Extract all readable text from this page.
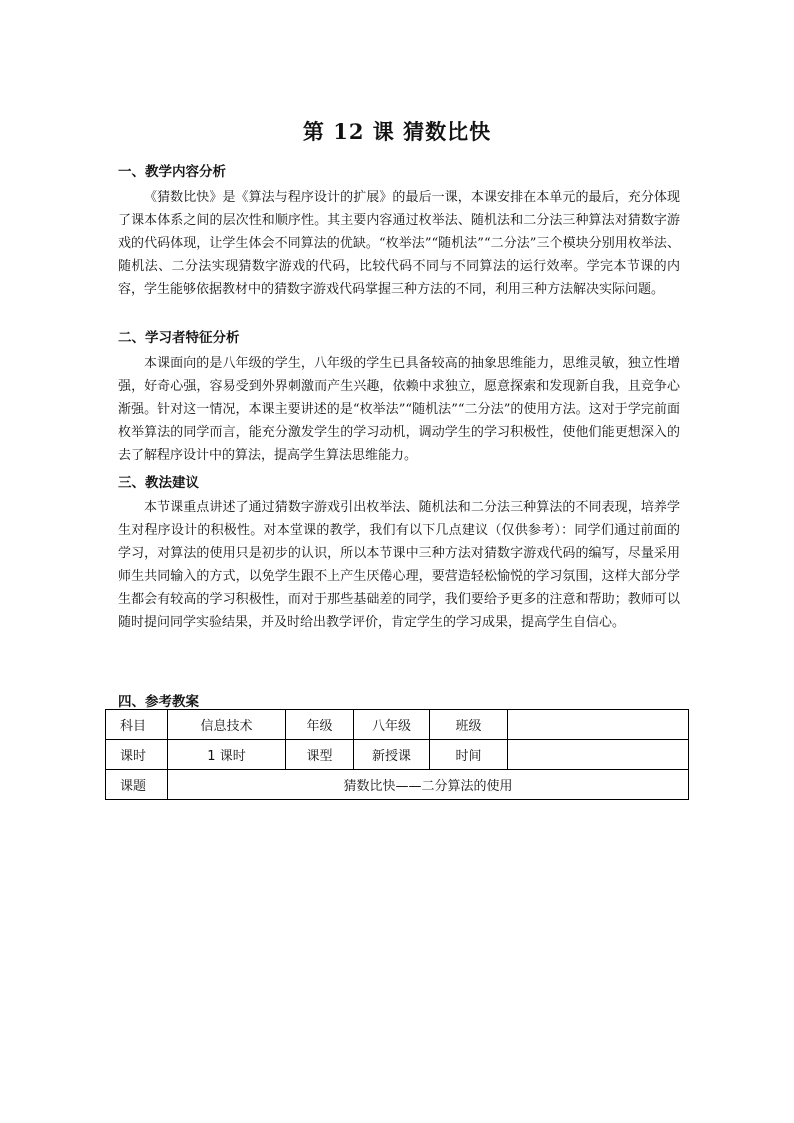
第 12 课 猜数比快
一、教学内容分析

《猜数比快》是《算法与程序设计的扩展》的最后一课，本课安排在本单元的最后，充分体现了课本体系之间的层次性和顺序性。其主要内容通过枚举法、随机法和二分法三种算法对猜数字游戏的代码体现，让学生体会不同算法的优缺。“枚举法”“随机法”“二分法”三个模块分别用枚举法、随机法、二分法实现猜数字游戏的代码，比较代码不同与不同算法的运行效率。学完本节课的内容，学生能够依据教材中的猜数字游戏代码掌握三种方法的不同，利用三种方法解决实际问题。

二、学习者特征分析

本课面向的是八年级的学生，八年级的学生已具备较高的抽象思维能力，思维灵敏，独立性增强，好奇心强，容易受到外界刺激而产生兴趣，依赖中求独立，愿意探索和发现新自我，且竞争心渐强。针对这一情况，本课主要讲述的是“枚举法”“随机法”“二分法”的使用方法。这对于学完前面枚举算法的同学而言，能充分激发学生的学习动机，调动学生的学习积极性，使他们能更想深入的去了解程序设计中的算法，提高学生算法思维能力。

三、教法建议

本节课重点讲述了通过猜数字游戏引出枚举法、随机法和二分法三种算法的不同表现，培养学生对程序设计的积极性。对本堂课的教学，我们有以下几点建议（仅供参考）：同学们通过前面的学习，对算法的使用只是初步的认识，所以本节课中三种方法对猜数字游戏代码的编写，尽量采用师生共同输入的方式，以免学生跟不上产生厌倦心理，要营造轻松愉悦的学习氛围，这样大部分学生都会有较高的学习积极性，而对于那些基础差的同学，我们要给予更多的注意和帮助；教师可以随时提问同学实验结果，并及时给出教学评价，肯定学生的学习成果，提高学生自信心。

四、参考教案
科目	信息技术	年级	八年级	班级	
课时	1 课时	课型	新授课	时间	
课题	猜数比快——二分算法的使用				
